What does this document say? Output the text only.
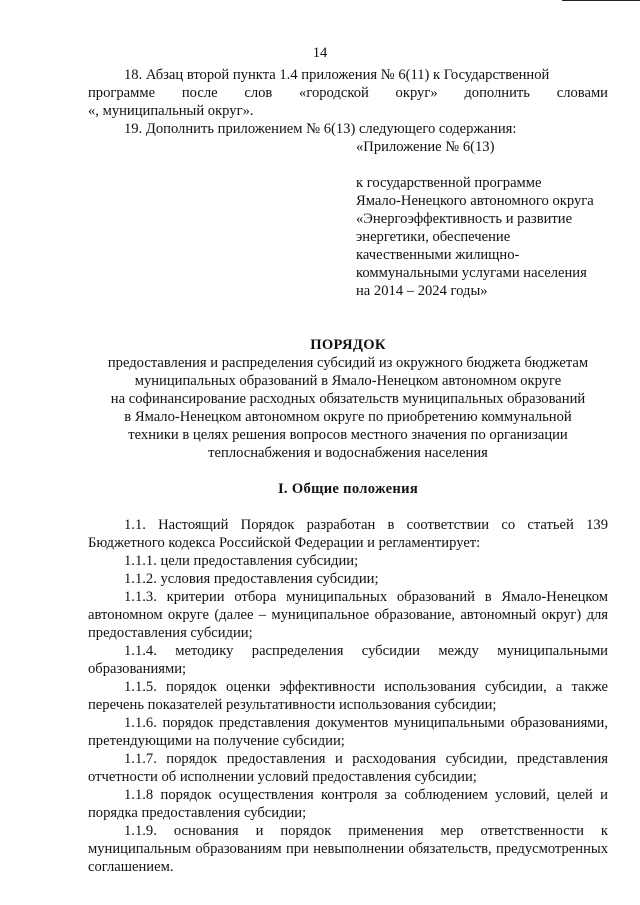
14

18. Абзац второй пункта 1.4 приложения № 6(11) к Государственной

программе после слов «городской округ» дополнить словами

«, муниципальный округ».

19. Дополнить приложением № 6(13) следующего содержания:

«Приложение № 6(13)

к государственной программе

Ямало-Ненецкого автономного округа

«Энергоэффективность и развитие

энергетики, обеспечение

качественными жилищно-

коммунальными услугами населения

на 2014 – 2024 годы»

ПОРЯДОК

предоставления и распределения субсидий из окружного бюджета бюджетам

муниципальных образований в Ямало-Ненецком автономном округе

на софинансирование расходных обязательств муниципальных образований

в Ямало-Ненецком автономном округе по приобретению коммунальной

техники в целях решения вопросов местного значения по организации

теплоснабжения и водоснабжения населения

I. Общие положения

1.1. Настоящий Порядок разработан в соответствии со статьей 139 Бюджетного кодекса Российской Федерации и регламентирует:

1.1.1. цели предоставления субсидии;

1.1.2. условия предоставления субсидии;

1.1.3. критерии отбора муниципальных образований в Ямало-Ненецком автономном округе (далее – муниципальное образование, автономный округ) для предоставления субсидии;

1.1.4. методику распределения субсидии между муниципальными образованиями;

1.1.5. порядок оценки эффективности использования субсидии, а также перечень показателей результативности использования субсидии;

1.1.6. порядок представления документов муниципальными образованиями, претендующими на получение субсидии;

1.1.7. порядок предоставления и расходования субсидии, представления отчетности об исполнении условий предоставления субсидии;

1.1.8 порядок осуществления контроля за соблюдением условий, целей и порядка предоставления субсидии;

1.1.9. основания и порядок применения мер ответственности к муниципальным образованиям при невыполнении обязательств, предусмотренных соглашением.
